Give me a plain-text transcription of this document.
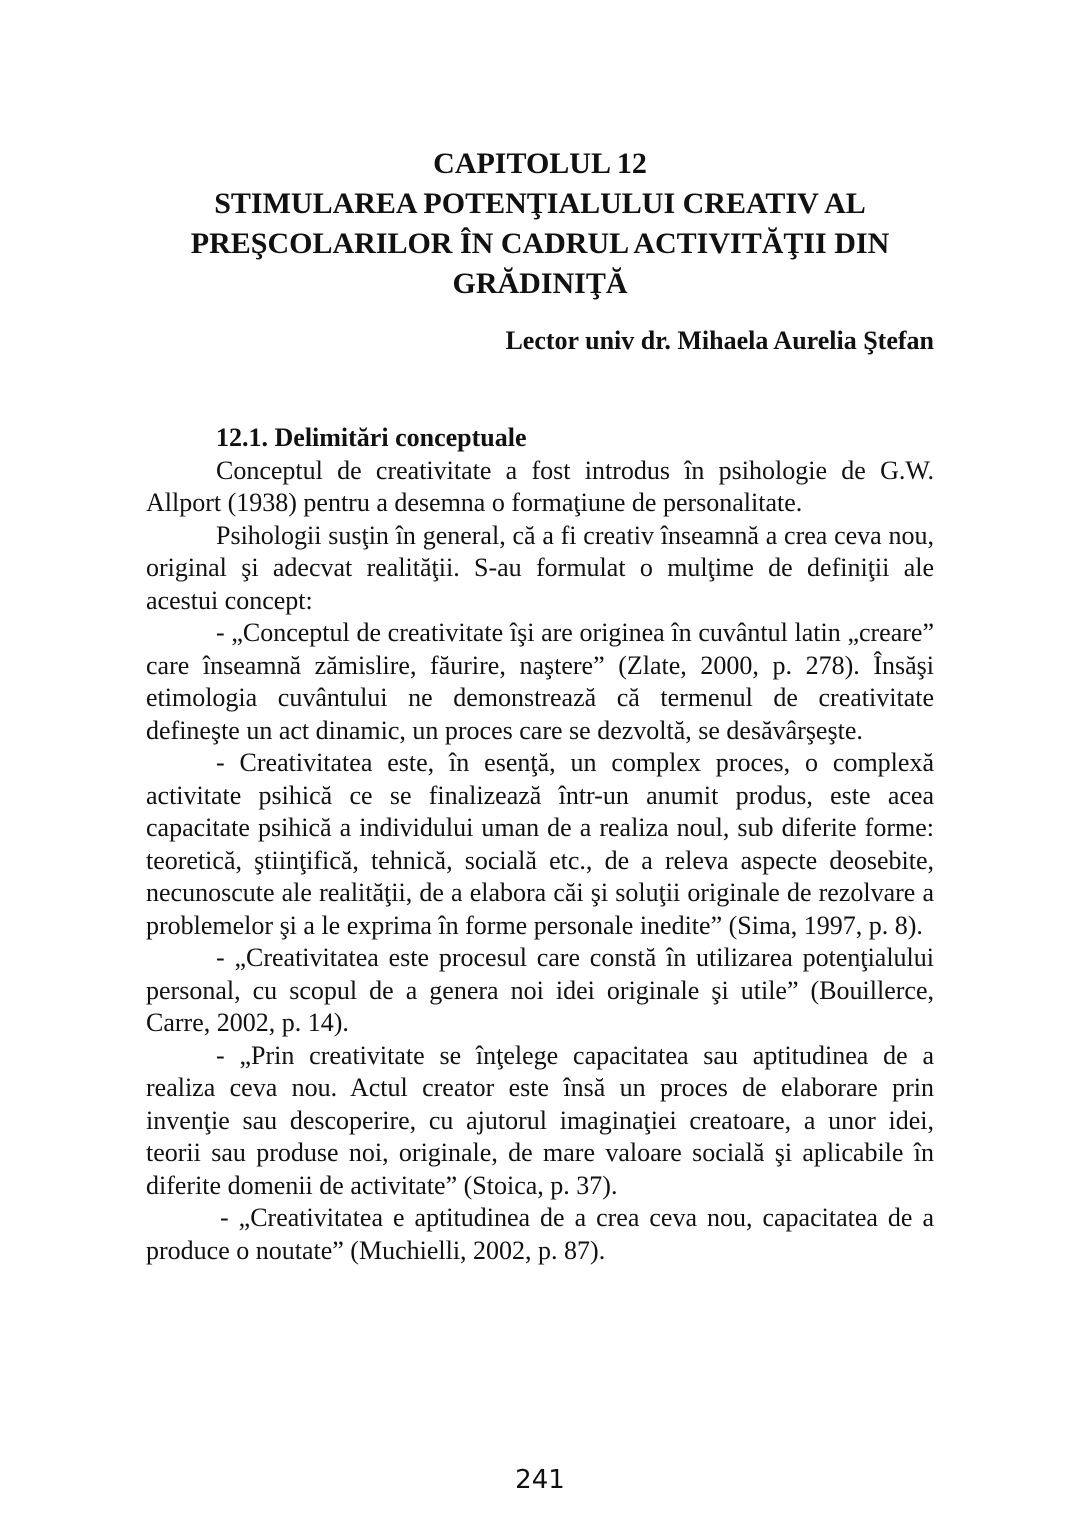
CAPITOLUL 12
STIMULAREA POTENŢIALULUI CREATIV AL
PREŞCOLARILOR ÎN CADRUL ACTIVITĂŢII DIN
GRĂDINIŢĂ
Lector univ dr. Mihaela Aurelia Ştefan

12.1. Delimitări conceptuale

Conceptul de creativitate a fost introdus în psihologie de G.W. Allport (1938) pentru a desemna o formaţiune de personalitate.

Psihologii susţin în general, că a fi creativ înseamnă a crea ceva nou, original şi adecvat realităţii. S-au formulat o mulţime de definiţii ale acestui concept:

- „Conceptul de creativitate îşi are originea în cuvântul latin „creare” care înseamnă zămislire, făurire, naştere” (Zlate, 2000, p. 278). Însăşi etimologia cuvântului ne demonstrează că termenul de creativitate defineşte un act dinamic, un proces care se dezvoltă, se desăvârşeşte.

- Creativitatea este, în esenţă, un complex proces, o complexă activitate psihică ce se finalizează într-un anumit produs, este acea capacitate psihică a individului uman de a realiza noul, sub diferite forme: teoretică, ştiinţifică, tehnică, socială etc., de a releva aspecte deosebite, necunoscute ale realităţii, de a elabora căi şi soluţii originale de rezolvare a problemelor şi a le exprima în forme personale inedite” (Sima, 1997, p. 8).

- „Creativitatea este procesul care constă în utilizarea potenţialului personal, cu scopul de a genera noi idei originale şi utile” (Bouillerce, Carre, 2002, p. 14).

- „Prin creativitate se înţelege capacitatea sau aptitudinea de a realiza ceva nou. Actul creator este însă un proces de elaborare prin invenţie sau descoperire, cu ajutorul imaginaţiei creatoare, a unor idei, teorii sau produse noi, originale, de mare valoare socială şi aplicabile în diferite domenii de activitate” (Stoica, p. 37).

- „Creativitatea e aptitudinea de a crea ceva nou, capacitatea de a produce o noutate” (Muchielli, 2002, p. 87).

241
